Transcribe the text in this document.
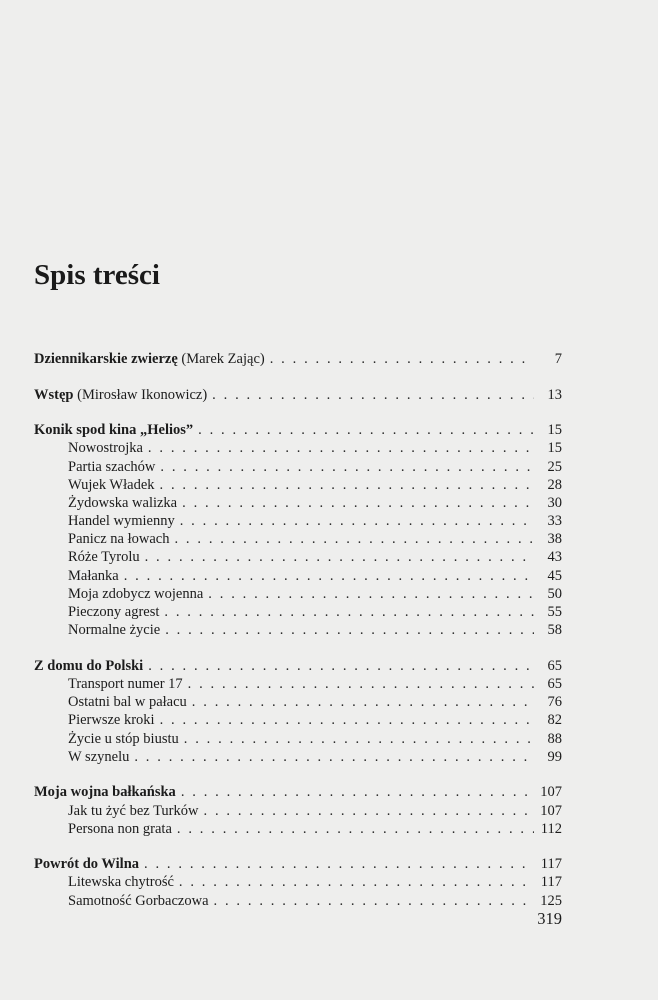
Spis treści
Dziennikarskie zwierzę (Marek Zając) . . .	7
Wstęp (Mirosław Ikonowicz) . . .	13
Konik spod kina „Helios” . . .	15
Nowostrojka . . .	15
Partia szachów . . .	25
Wujek Władek . . .	28
Żydowska walizka . . .	30
Handel wymienny . . .	33
Panicz na łowach . . .	38
Róże Tyrolu . . .	43
Małanka . . .	45
Moja zdobycz wojenna . . .	50
Pieczony agrest . . .	55
Normalne życie . . .	58
Z domu do Polski . . .	65
Transport numer 17 . . .	65
Ostatni bal w pałacu . . .	76
Pierwsze kroki . . .	82
Życie u stóp biustu . . .	88
W szynelu . . .	99
Moja wojna bałkańska . . .	107
Jak tu żyć bez Turków . . .	107
Persona non grata . . .	112
Powrót do Wilna . . .	117
Litewska chytrość . . .	117
Samotność Gorbaczowa . . .	125
319
